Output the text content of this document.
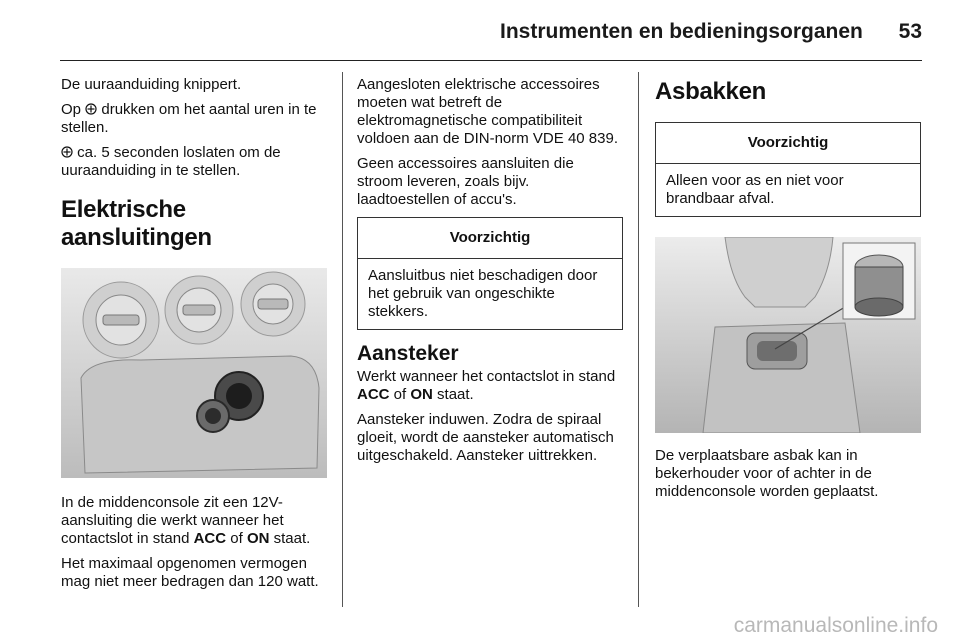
Instrumenten en bedieningsorganen 53

De uuraanduiding knippert.

Op drukken om het aantal uren in te stellen.

ca. 5 seconden loslaten om de uuraanduiding in te stellen.

Elektrische aansluitingen

In de middenconsole zit een 12V-aansluiting die werkt wanneer het contactslot in stand ACC of ON staat.

Het maximaal opgenomen vermogen mag niet meer bedragen dan 120 watt.

Aangesloten elektrische accessoires moeten wat betreft de elektromagnetische compatibiliteit voldoen aan de DIN-norm VDE 40 839.

Geen accessoires aansluiten die stroom leveren, zoals bijv. laadtoestellen of accu's.

Voorzichtig
Aansluitbus niet beschadigen door het gebruik van ongeschikte stekkers.
Aansteker

Werkt wanneer het contactslot in stand ACC of ON staat.

Aansteker induwen. Zodra de spiraal gloeit, wordt de aansteker automatisch uitgeschakeld. Aansteker uittrekken.

Asbakken
Voorzichtig
Alleen voor as en niet voor brandbaar afval.

De verplaatsbare asbak kan in bekerhouder voor of achter in de middenconsole worden geplaatst.

carmanualsonline.info
